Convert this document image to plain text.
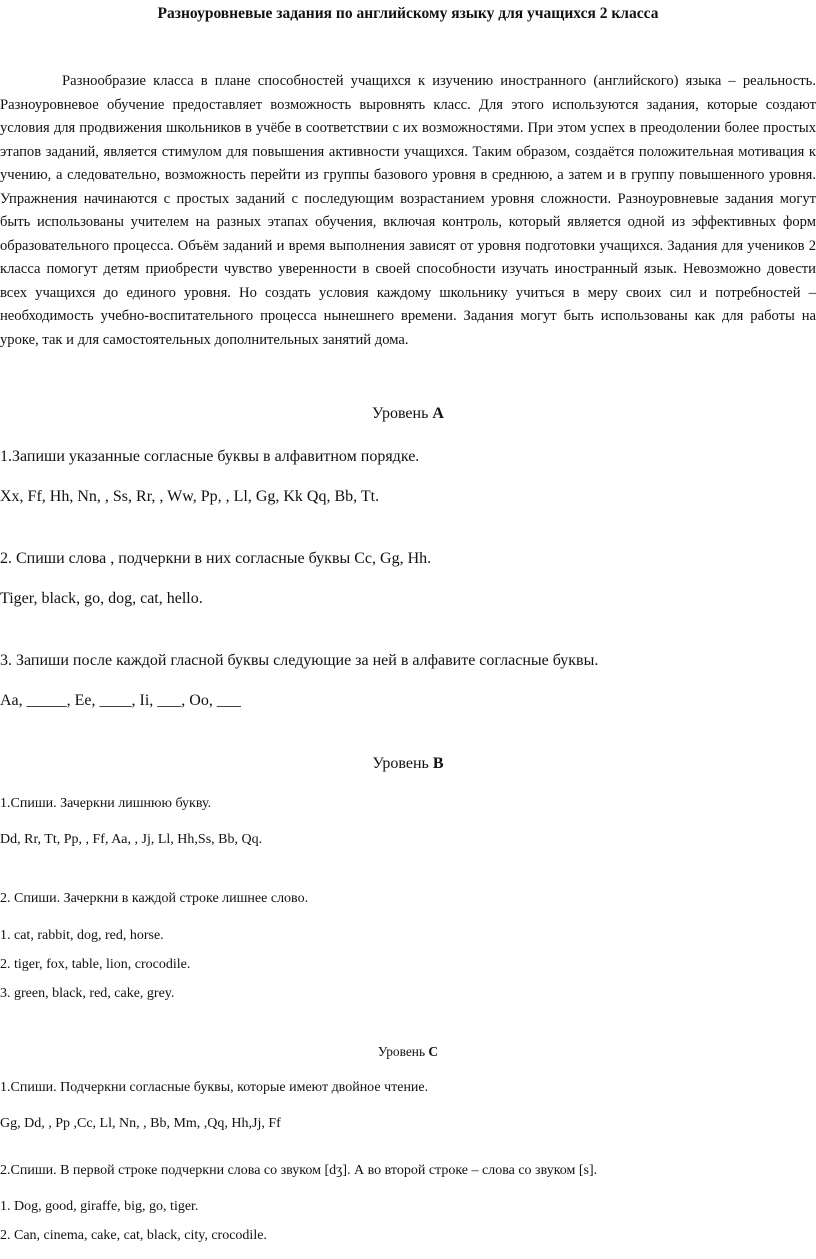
Разноуровневые задания по английскому языку для учащихся 2 класса

Разнообразие класса в плане способностей учащихся к изучению иностранного (английского) языка – реальность. Разноуровневое обучение предоставляет возможность выровнять класс. Для этого используются задания, которые создают условия для продвижения школьников в учёбе в соответствии с их возможностями. При этом успех в преодолении более простых этапов заданий, является стимулом для повышения активности учащихся. Таким образом, создаётся положительная мотивация к учению, а следовательно, возможность перейти из группы базового уровня в среднюю, а затем и в группу повышенного уровня. Упражнения начинаются с простых заданий с последующим возрастанием уровня сложности. Разноуровневые задания могут быть использованы учителем на разных этапах обучения, включая контроль, который является одной из эффективных форм образовательного процесса. Объём заданий и время выполнения зависят от уровня подготовки учащихся. Задания для учеников 2 класса помогут детям приобрести чувство уверенности в своей способности изучать иностранный язык. Невозможно довести всех учащихся до единого уровня. Но создать условия каждому школьнику учиться в меру своих сил и потребностей –необходимость учебно-воспитательного процесса нынешнего времени. Задания могут быть использованы как для работы на уроке, так и для самостоятельных дополнительных занятий дома.

Уровень A
1.Запиши указанные согласные буквы в алфавитном порядке.
Xx, Ff, Hh, Nn, , Ss, Rr, , Ww, Pp, , Ll, Gg, Kk Qq, Bb, Tt.
2. Спиши слова , подчеркни в них согласные буквы Cc, Gg, Hh.
Tiger, black, go, dog, cat, hello.
3. Запиши после каждой гласной буквы следующие за ней в алфавите согласные буквы.
Aa, _____, Ee, ____, Ii, ___, Oo, ___
Уровень B
1.Спиши. Зачеркни лишнюю букву.
Dd, Rr, Tt, Pp, , Ff, Aa, , Jj, Ll, Hh,Ss, Bb, Qq.
2. Спиши. Зачеркни в каждой строке лишнее слово.
1. cat, rabbit, dog, red, horse.
2. tiger, fox, table, lion, crocodile.
3. green, black, red, cake, grey.
Уровень C
1.Спиши. Подчеркни согласные буквы, которые имеют двойное чтение.
Gg, Dd, , Pp ,Cc, Ll, Nn, , Bb, Mm, ,Qq, Hh,Jj, Ff
2.Спиши. В первой строке подчеркни слова со звуком [dʒ]. А во второй строке – слова со звуком [s].
1. Dog, good, giraffe, big, go, tiger.
2. Can, cinema, cake, cat, black, city, crocodile.
